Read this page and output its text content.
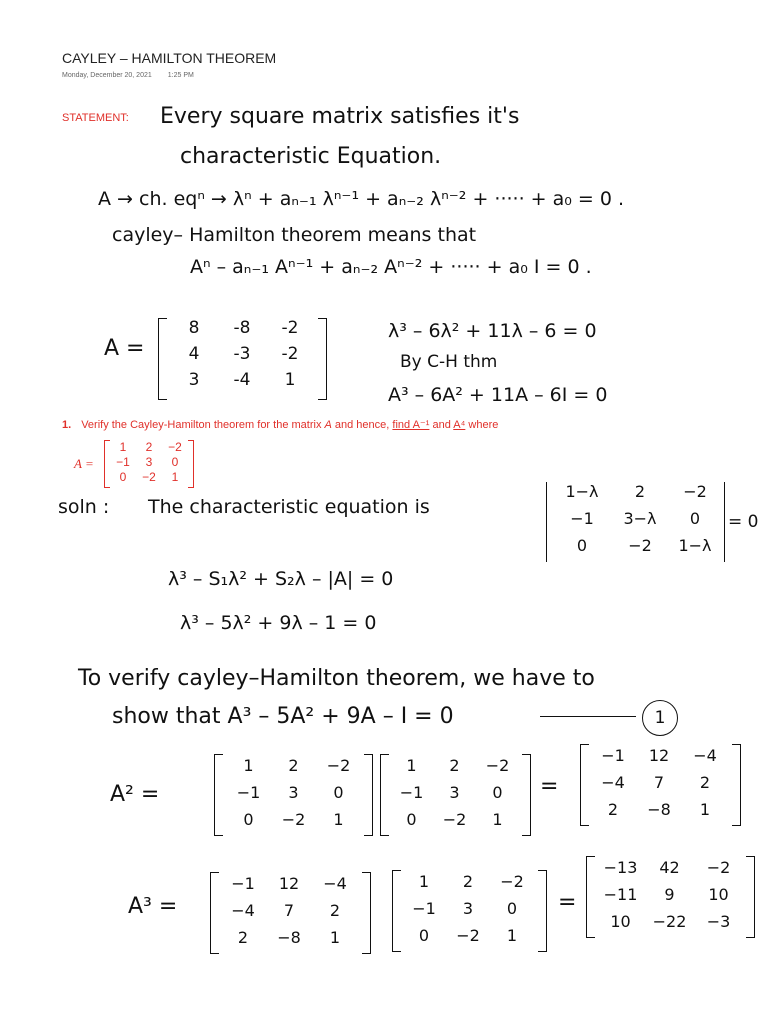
CAYLEY – HAMILTON THEOREM
Monday, December 20, 2021 1:25 PM
STATEMENT: Every square matrix satisfies it's
characteristic Equation.
A → ch. eqⁿ → λⁿ + aₙ₋₁ λⁿ⁻¹ + aₙ₋₂ λⁿ⁻² + ····· + a₀ = 0 .
cayley– Hamilton theorem means that
Aⁿ – aₙ₋₁ Aⁿ⁻¹ + aₙ₋₂ Aⁿ⁻² + ····· + a₀ I = 0 .
A =
8	-8	-2
4	-3	-2
3	-4	1
λ³ – 6λ² + 11λ – 6 = 0
By C-H thm
A³ – 6A² + 11A – 6I = 0
1. Verify the Cayley-Hamilton theorem for the matrix A and hence, find A⁻¹ and A⁴ where
A =
1	2	−2
−1	3	0
0	−2	1
soln : The characteristic equation is
1−λ	2	−2
−1	3−λ	0
0	−2	1−λ
= 0
λ³ – S₁λ² + S₂λ – |A| = 0
λ³ – 5λ² + 9λ – 1 = 0
To verify cayley–Hamilton theorem, we have to
show that A³ – 5A² + 9A – I = 0	1
A² =
1	2	−2
−1	3	0
0	−2	1
1	2	−2
−1	3	0
0	−2	1
=
−1	12	−4
−4	7	2
2	−8	1
A³ =
−1	12	−4
−4	7	2
2	−8	1
1	2	−2
−1	3	0
0	−2	1
=
−13	42	−2
−11	9	10
10	−22	−3
